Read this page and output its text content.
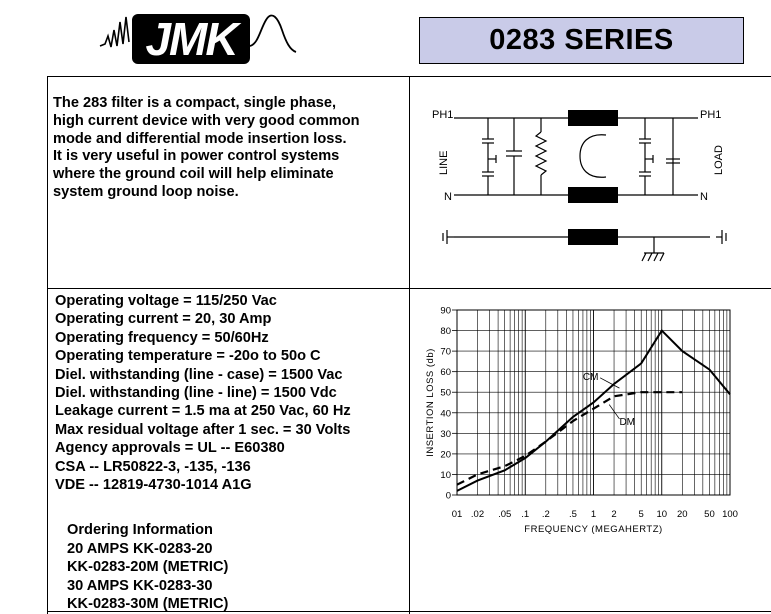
JMK	0283 SERIES
The 283 filter is a compact, single phase,
high current device with very good common
mode and differential mode insertion loss.
It is very useful in power control systems
where the ground coil will help eliminate
system ground loop noise.
PH1	PH1
N	N
LINE	LOAD
Operating voltage = 115/250 Vac
Operating current = 20, 30 Amp
Operating frequency = 50/60Hz
Operating temperature = -20o to 50o C
Diel. withstanding (line - case) = 1500 Vac
Diel. withstanding (line - line) = 1500 Vdc
Leakage current = 1.5 ma at 250 Vac, 60 Hz
Max residual voltage after 1 sec. = 30 Volts
Agency approvals = UL -- E60380
CSA -- LR50822-3, -135, -136
VDE -- 12819-4730-1014 A1G
Ordering Information
20 AMPS KK-0283-20
KK-0283-20M (METRIC)
30 AMPS KK-0283-30
KK-0283-30M (METRIC)
0
10
20
30
40
50
60
70
80
90
01 .02 .05 .1 .2 .5 1 2 5 10 20 50 100
CM
DM
INSERTION LOSS (db)
FREQUENCY (MEGAHERTZ)
